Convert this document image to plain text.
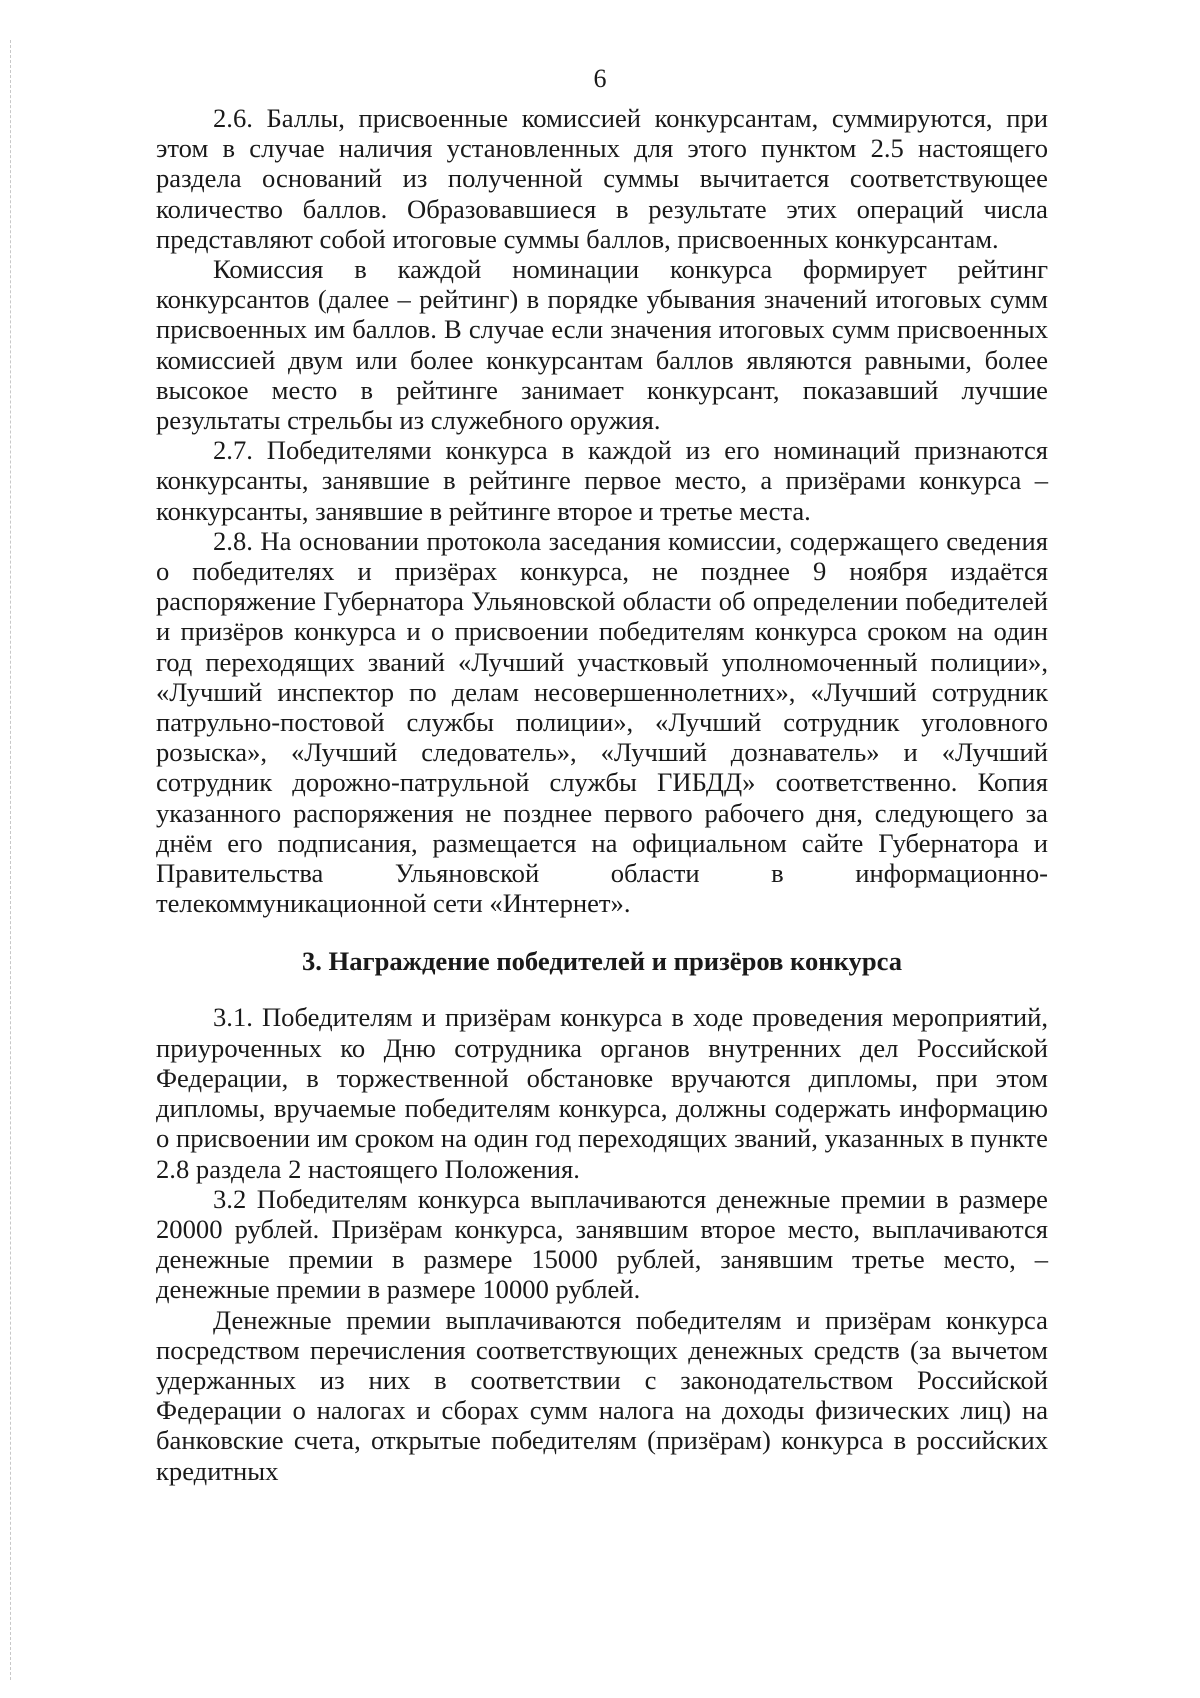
6

2.6. Баллы, присвоенные комиссией конкурсантам, суммируются, при этом в случае наличия установленных для этого пунктом 2.5 настоящего раздела оснований из полученной суммы вычитается соответствующее количество баллов. Образовавшиеся в результате этих операций числа представляют собой итоговые суммы баллов, присвоенных конкурсантам.

Комиссия в каждой номинации конкурса формирует рейтинг конкурсантов (далее – рейтинг) в порядке убывания значений итоговых сумм присвоенных им баллов. В случае если значения итоговых сумм присвоенных комиссией двум или более конкурсантам баллов являются равными, более высокое место в рейтинге занимает конкурсант, показавший лучшие результаты стрельбы из служебного оружия.

2.7. Победителями конкурса в каждой из его номинаций признаются конкурсанты, занявшие в рейтинге первое место, а призёрами конкурса – конкурсанты, занявшие в рейтинге второе и третье места.

2.8. На основании протокола заседания комиссии, содержащего сведения о победителях и призёрах конкурса, не позднее 9 ноября издаётся распоряжение Губернатора Ульяновской области об определении победителей и призёров конкурса и о присвоении победителям конкурса сроком на один год переходящих званий «Лучший участковый уполномоченный полиции», «Лучший инспектор по делам несовершеннолетних», «Лучший сотрудник патрульно-постовой службы полиции», «Лучший сотрудник уголовного розыска», «Лучший следователь», «Лучший дознаватель» и «Лучший сотрудник дорожно-патрульной службы ГИБДД» соответственно. Копия указанного распоряжения не позднее первого рабочего дня, следующего за днём его подписания, размещается на официальном сайте Губернатора и Правительства Ульяновской области в информационно-телекоммуникационной сети «Интернет».

3. Награждение победителей и призёров конкурса

3.1. Победителям и призёрам конкурса в ходе проведения мероприятий, приуроченных ко Дню сотрудника органов внутренних дел Российской Федерации, в торжественной обстановке вручаются дипломы, при этом дипломы, вручаемые победителям конкурса, должны содержать информацию о присвоении им сроком на один год переходящих званий, указанных в пункте 2.8 раздела 2 настоящего Положения.

3.2 Победителям конкурса выплачиваются денежные премии в размере 20000 рублей. Призёрам конкурса, занявшим второе место, выплачиваются денежные премии в размере 15000 рублей, занявшим третье место, – денежные премии в размере 10000 рублей.

Денежные премии выплачиваются победителям и призёрам конкурса посредством перечисления соответствующих денежных средств (за вычетом удержанных из них в соответствии с законодательством Российской Федерации о налогах и сборах сумм налога на доходы физических лиц) на банковские счета, открытые победителям (призёрам) конкурса в российских кредитных
